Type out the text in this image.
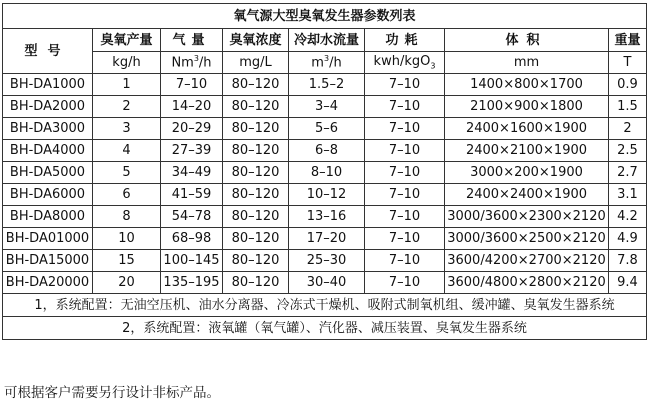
氧气源大型臭氧发生器参数列表							
型号	臭氧产量	气量	臭氧浓度	冷却水流量	功耗	体积	重量
	kg/h	Nm$^3$/h	mg/L	$m^3/h$	kwh/kgO$_3$	mm	T
BH-DA1000	1	7–10	80–120	1.5–2	7–10	1400×800×1700	0.9
BH-DA2000	2	14–20	80–120	3–4	7–10	2100×900×1800	1.5
BH-DA3000	3	20–29	80–120	5–6	7–10	2400×1600×1900	2
BH-DA4000	4	27–39	80–120	6–8	7–10	2400×2100×1900	2.5
BH-DA5000	5	34–49	80–120	8–10	7–10	3000×200×1900	2.7
BH-DA6000	6	41–59	80–120	10–12	7–10	2400×2400×1900	3.1
BH-DA8000	8	54–78	80–120	13–16	7–10	3000/3600×2300×2120	4.2
BH-DA01000	10	68–98	80–120	17–20	7–10	3000/3600×2500×2120	4.9
BH-DA15000	15	100–145	80–120	25–30	7–10	3600/4200×2700×2120	7.8
BH-DA20000	20	135–195	80–120	30–40	7–10	3600/4800×2800×2120	9.4
1，系统配置：无油空压机、油水分离器、冷冻式干燥机、吸附式制氧机组、缓冲罐、臭氧发生器系统							
2，系统配置：液氧罐（氧气罐）、汽化器、减压装置、臭氧发生器系统							
可根据客户需要另行设计非标产品。
